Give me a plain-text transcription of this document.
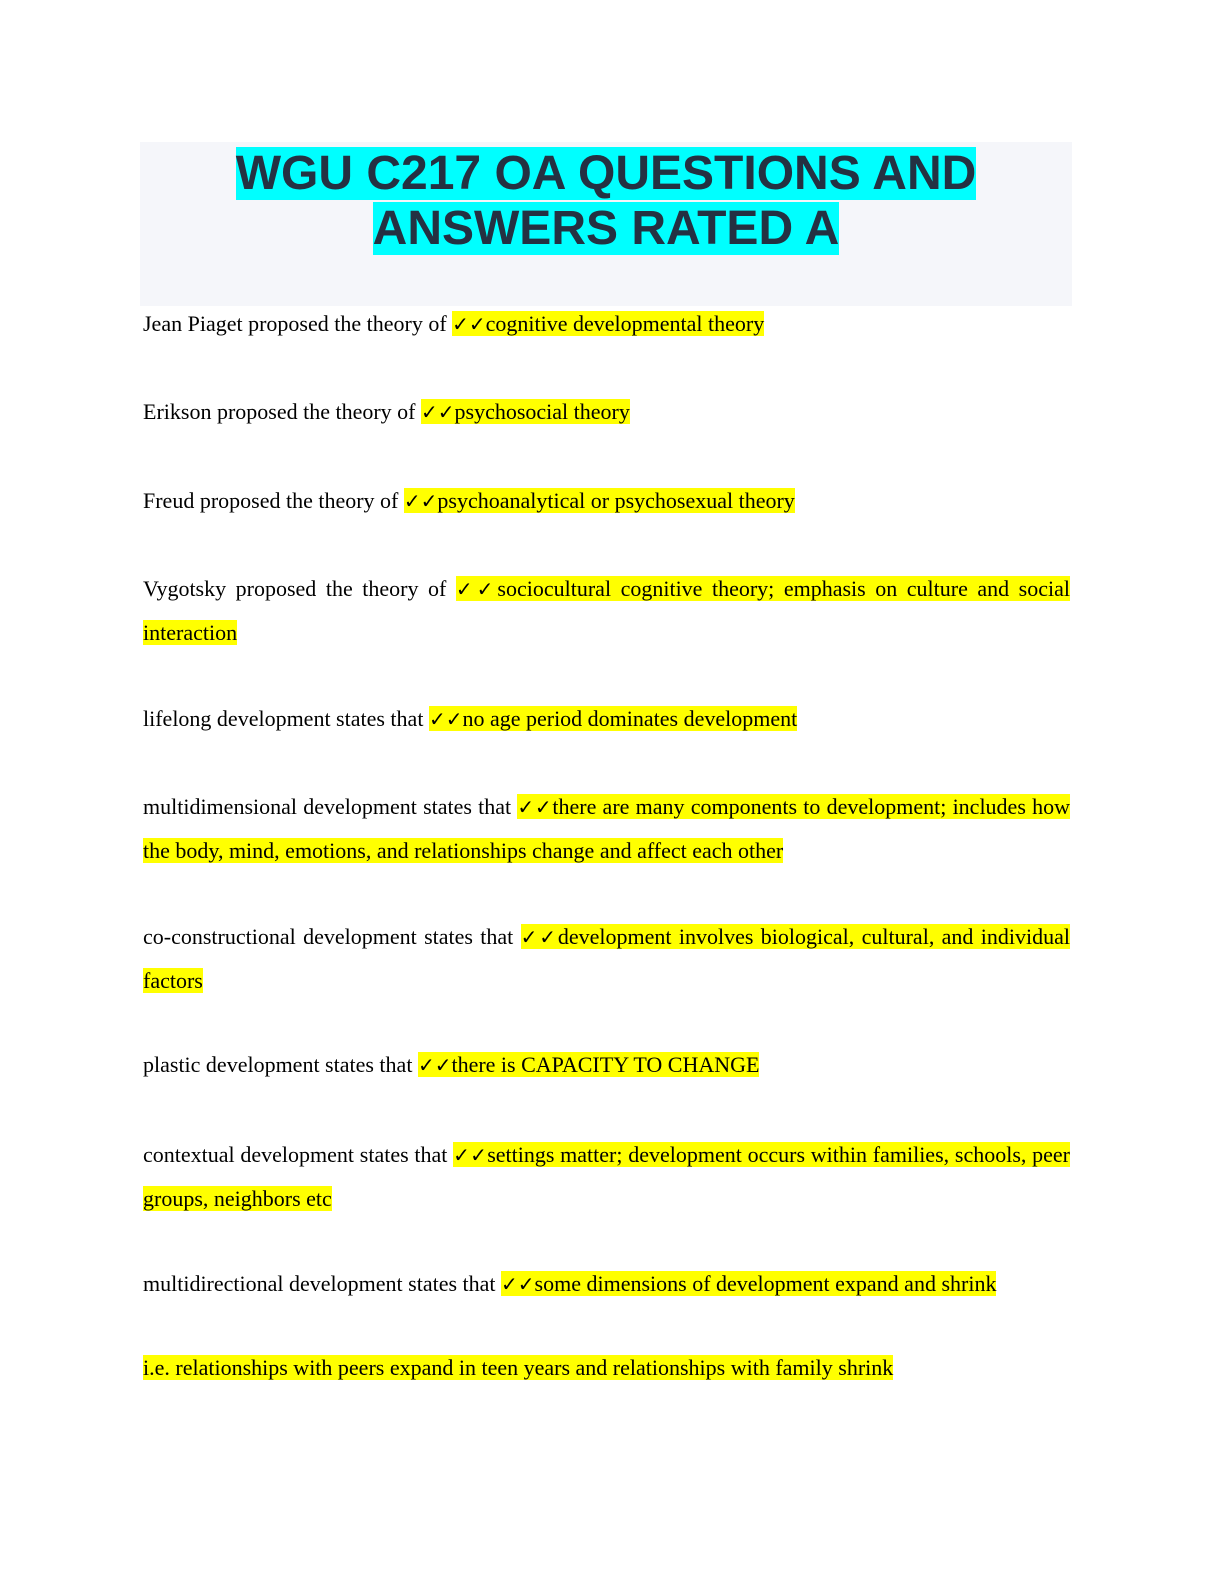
WGU C217 OA QUESTIONS AND
ANSWERS RATED A

Jean Piaget proposed the theory of ✓✓cognitive developmental theory

Erikson proposed the theory of ✓✓psychosocial theory

Freud proposed the theory of ✓✓psychoanalytical or psychosexual theory

Vygotsky proposed the theory of ✓✓sociocultural cognitive theory; emphasis on culture and social interaction

lifelong development states that ✓✓no age period dominates development

multidimensional development states that ✓✓there are many components to development; includes how the body, mind, emotions, and relationships change and affect each other

co-constructional development states that ✓✓development involves biological, cultural, and individual factors

plastic development states that ✓✓there is CAPACITY TO CHANGE

contextual development states that ✓✓settings matter; development occurs within families, schools, peer groups, neighbors etc

multidirectional development states that ✓✓some dimensions of development expand and shrink

i.e. relationships with peers expand in teen years and relationships with family shrink
